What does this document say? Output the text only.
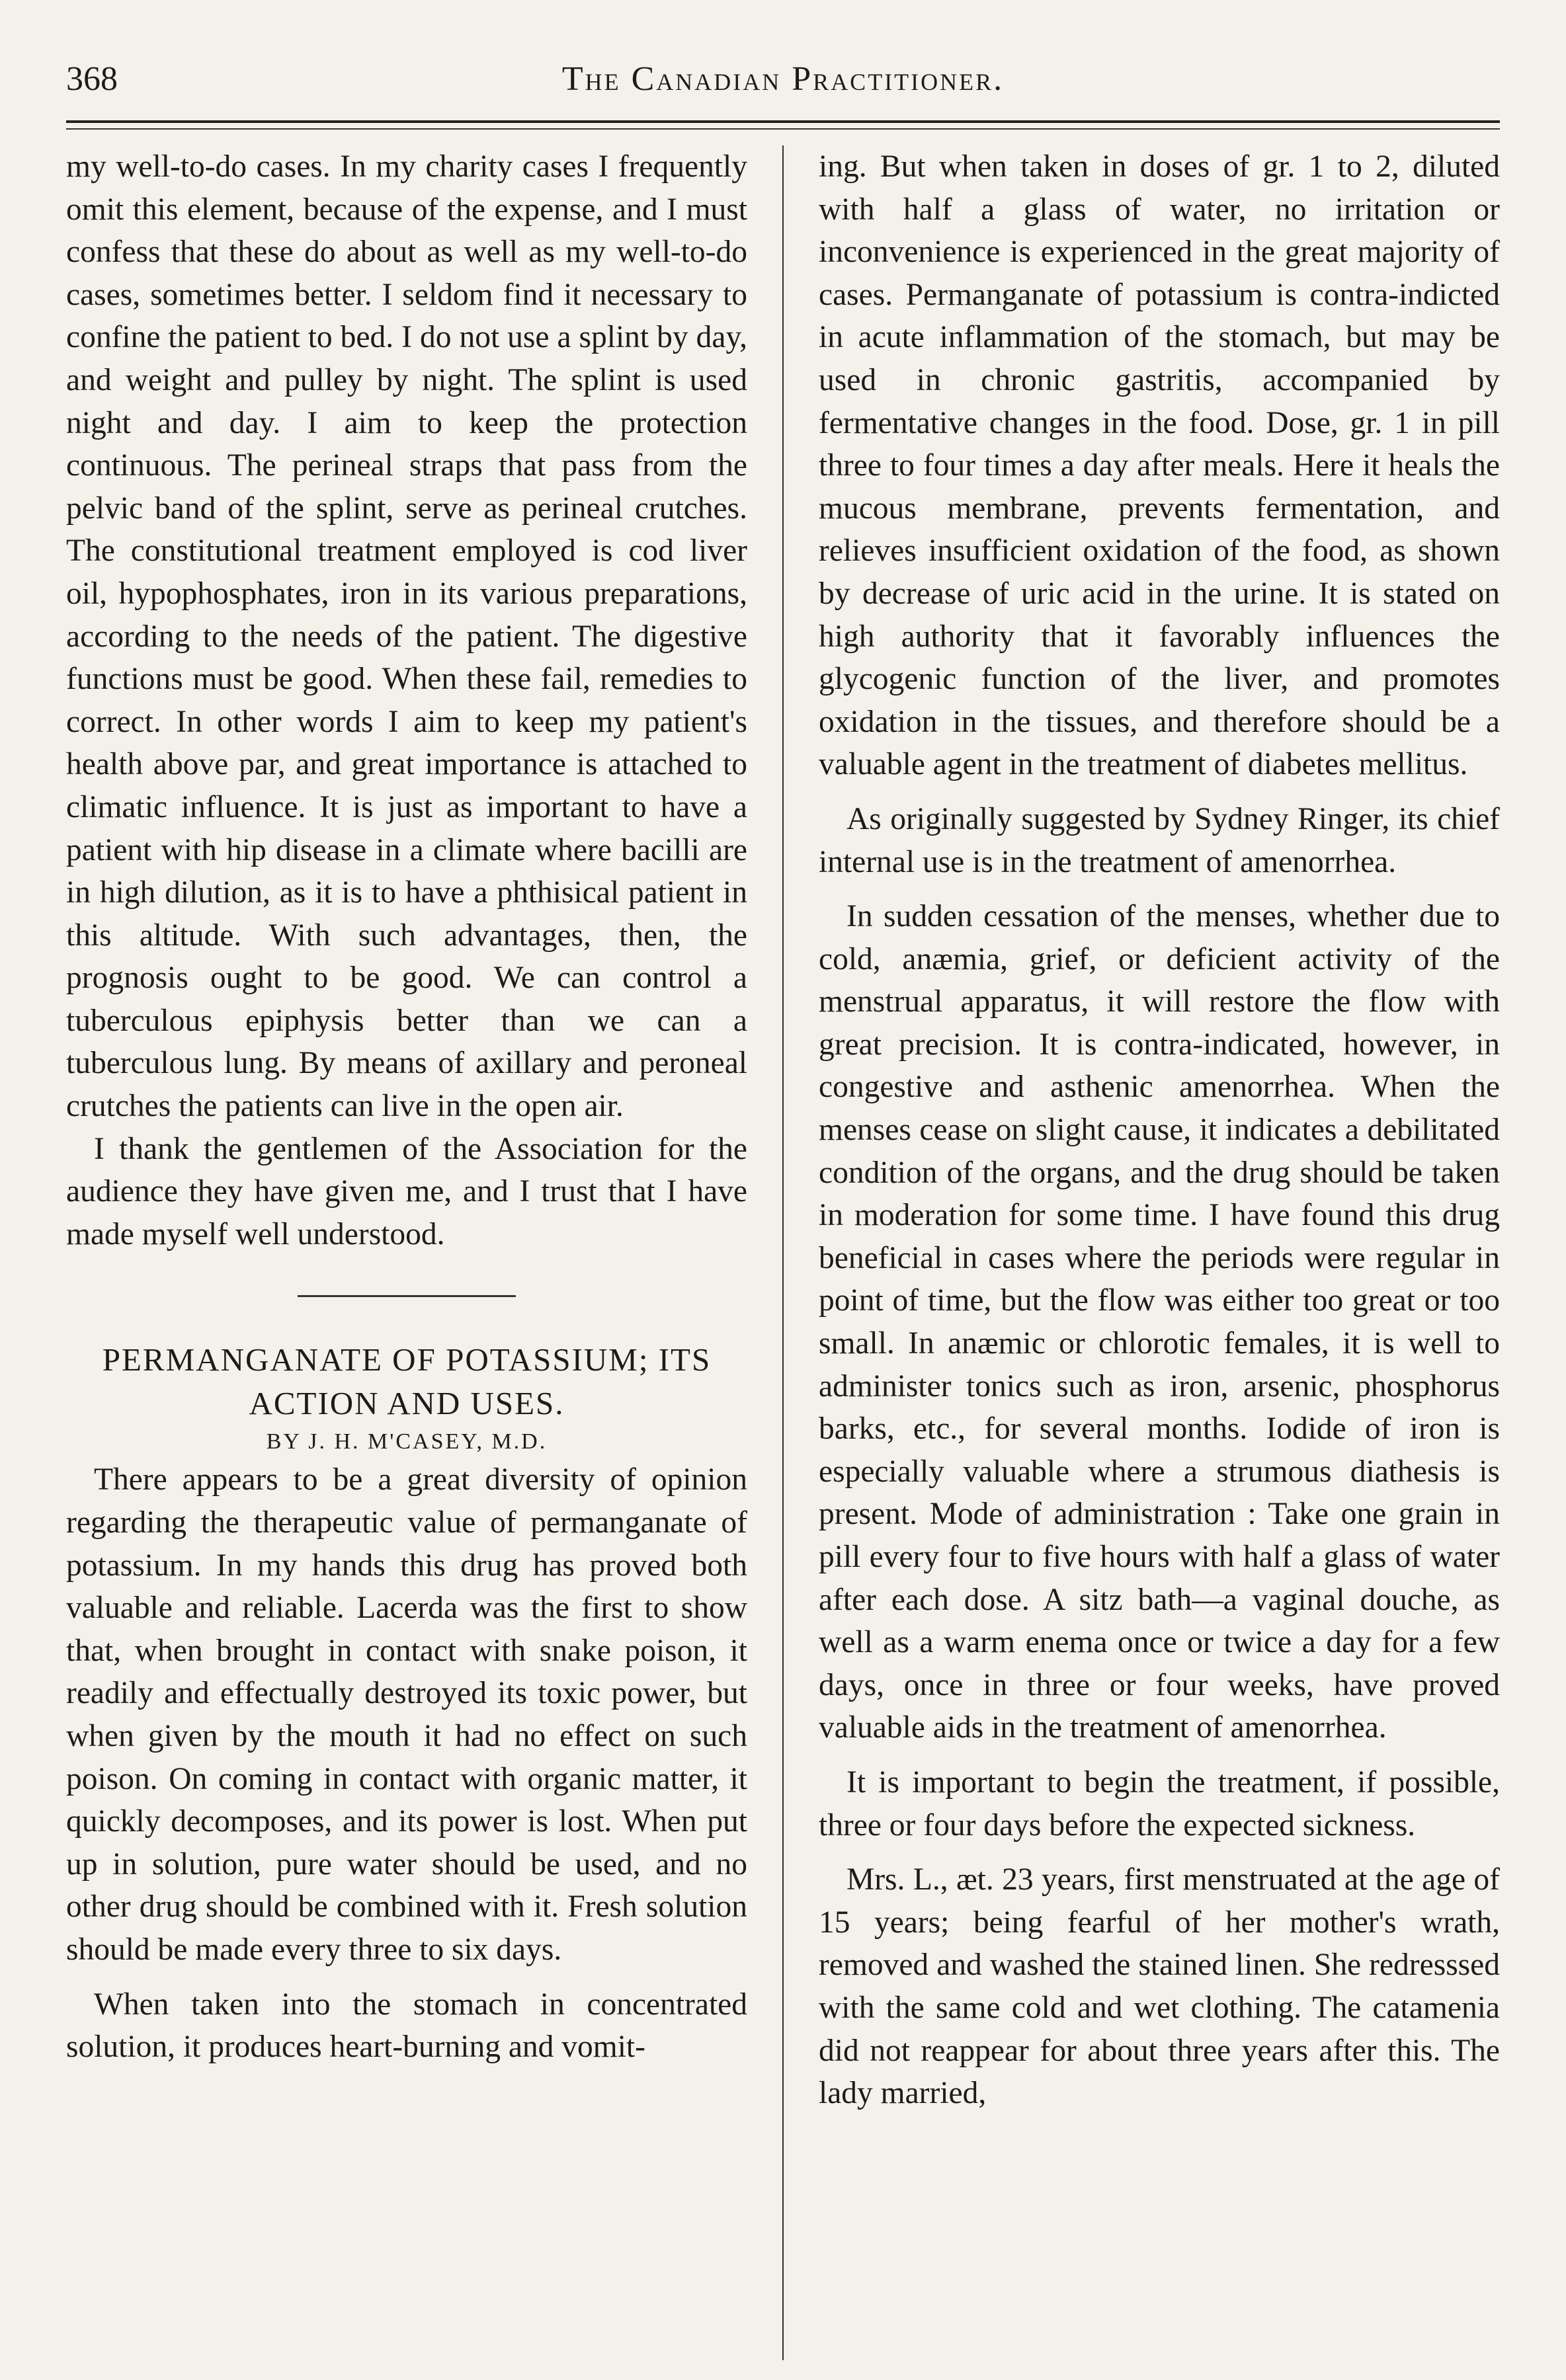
368	The Canadian Practitioner.

my well-to-do cases. In my charity cases I frequently omit this element, because of the expense, and I must confess that these do about as well as my well-to-do cases, sometimes better. I seldom find it necessary to confine the patient to bed. I do not use a splint by day, and weight and pulley by night. The splint is used night and day. I aim to keep the protection continuous. The perineal straps that pass from the pelvic band of the splint, serve as perineal crutches. The constitutional treatment employed is cod liver oil, hypophosphates, iron in its various preparations, according to the needs of the patient. The digestive functions must be good. When these fail, remedies to correct. In other words I aim to keep my patient's health above par, and great importance is attached to climatic influence. It is just as important to have a patient with hip disease in a climate where bacilli are in high dilution, as it is to have a phthisical patient in this altitude. With such advantages, then, the prognosis ought to be good. We can control a tuberculous epiphysis better than we can a tuberculous lung. By means of axillary and peroneal crutches the patients can live in the open air.

I thank the gentlemen of the Association for the audience they have given me, and I trust that I have made myself well understood.

PERMANGANATE OF POTASSIUM; ITS
ACTION AND USES.

BY J. H. M'CASEY, M.D.

There appears to be a great diversity of opinion regarding the therapeutic value of permanganate of potassium. In my hands this drug has proved both valuable and reliable. Lacerda was the first to show that, when brought in contact with snake poison, it readily and effectually destroyed its toxic power, but when given by the mouth it had no effect on such poison. On coming in contact with organic matter, it quickly decomposes, and its power is lost. When put up in solution, pure water should be used, and no other drug should be combined with it. Fresh solution should be made every three to six days.

When taken into the stomach in concentrated solution, it produces heart-burning and vomit-

ing. But when taken in doses of gr. 1 to 2, diluted with half a glass of water, no irritation or inconvenience is experienced in the great majority of cases. Permanganate of potassium is contra-indicted in acute inflammation of the stomach, but may be used in chronic gastritis, accompanied by fermentative changes in the food. Dose, gr. 1 in pill three to four times a day after meals. Here it heals the mucous membrane, prevents fermentation, and relieves insufficient oxidation of the food, as shown by decrease of uric acid in the urine. It is stated on high authority that it favorably influences the glycogenic function of the liver, and promotes oxidation in the tissues, and therefore should be a valuable agent in the treatment of diabetes mellitus.

As originally suggested by Sydney Ringer, its chief internal use is in the treatment of amenorrhea.

In sudden cessation of the menses, whether due to cold, anæmia, grief, or deficient activity of the menstrual apparatus, it will restore the flow with great precision. It is contra-indicated, however, in congestive and asthenic amenorrhea. When the menses cease on slight cause, it indicates a debilitated condition of the organs, and the drug should be taken in moderation for some time. I have found this drug beneficial in cases where the periods were regular in point of time, but the flow was either too great or too small. In anæmic or chlorotic females, it is well to administer tonics such as iron, arsenic, phosphorus barks, etc., for several months. Iodide of iron is especially valuable where a strumous diathesis is present. Mode of administration : Take one grain in pill every four to five hours with half a glass of water after each dose. A sitz bath—a vaginal douche, as well as a warm enema once or twice a day for a few days, once in three or four weeks, have proved valuable aids in the treatment of amenorrhea.

It is important to begin the treatment, if possible, three or four days before the expected sickness.

Mrs. L., æt. 23 years, first menstruated at the age of 15 years; being fearful of her mother's wrath, removed and washed the stained linen. She redresssed with the same cold and wet clothing. The catamenia did not reappear for about three years after this. The lady married,
